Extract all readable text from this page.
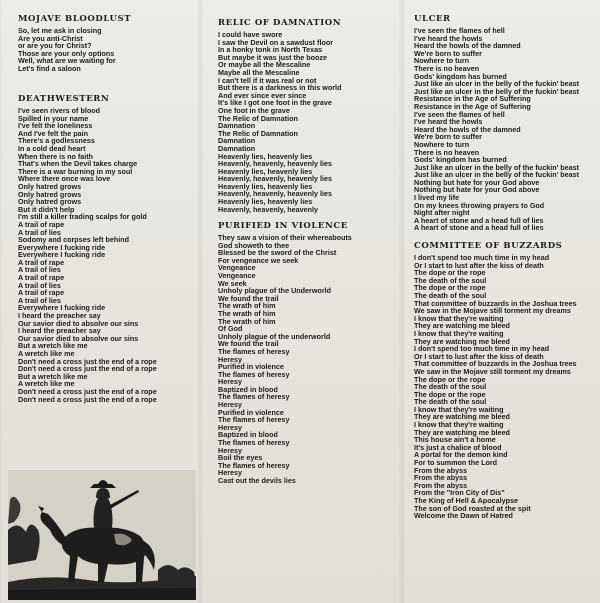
MOJAVE BLOODLUST
So, let me ask in closing
Are you anti-Christ
or are you for Christ?
Those are your only options
Well, what are we waiting for
Let's find a saloon
DEATHWESTERN
I've seen rivers of blood
Spilled in your name
I've felt the loneliness
And I've felt the pain
There's a godlessness
In a cold dead heart
When there is no faith
That's when the Devil takes charge
There is a war burning in my soul
Where there once was love
Only hatred grows
Only hatred grows
Only hatred grows
But it didn't help
I'm still a killer trading scalps for gold
A trail of rape
A trail of lies
Sodomy and corpses left behind
Everywhere I fucking ride
Everywhere I fucking ride
A trail of rape
A trail of lies
A trail of rape
A trail of lies
A trail of rape
A trail of lies
Everywhere I fucking ride
I heard the preacher say
Our savior died to absolve our sins
I heard the preacher say
Our savior died to absolve our sins
But a wretch like me
A wretch like me
Don't need a cross just the end of a rope
Don't need a cross just the end of a rope
But a wretch like me
A wretch like me
Don't need a cross just the end of a rope
Don't need a cross just the end of a rope
RELIC OF DAMNATION
I could have swore
I saw the Devil on a sawdust floor
In a honky tonk in North Texas
But maybe it was just the booze
Or maybe all the Mescaline
Maybe all the Mescaline
I can't tell if it was real or not
But there is a darkness in this world
And ever since ever since
It's like I got one foot in the grave
One foot in the grave
The Relic of Damnation
Damnation
The Relic of Damnation
Damnation
Damnation
Heavenly lies, heavenly lies
Heavenly, heavenly, heavenly lies
Heavenly lies, heavenly lies
Heavenly, heavenly, heavenly lies
Heavenly lies, heavenly lies
Heavenly, heavenly, heavenly lies
Heavenly lies, heavenly lies
Heavenly, heavenly, heavenly
PURIFIED IN VIOLENCE
They saw a vision of their whereabouts
God showeth to thee
Blessed be the sword of the Christ
For vengeance we seek
Vengeance
Vengeance
We seek
Unholy plague of the Underworld
We found the trail
The wrath of him
The wrath of him
The wrath of him
Of God
Unholy plague of the underworld
We found the trail
The flames of heresy
Heresy
Purified in violence
The flames of heresy
Heresy
Baptized in blood
The flames of heresy
Heresy
Purified in violence
The flames of heresy
Heresy
Baptized in blood
The flames of heresy
Heresy
Boil the eyes
The flames of heresy
Heresy
Cast out the devils lies
ULCER
I've seen the flames of hell
I've heard the howls
Heard the howls of the damned
We're born to suffer
Nowhere to turn
There is no heaven
Gods' kingdom has burned
Just like an ulcer in the belly of the fuckin' beast
Just like an ulcer in the belly of the fuckin' beast
Resistance in the Age of Suffering
Resistance in the Age of Suffering
I've seen the flames of hell
I've heard the howls
Heard the howls of the damned
We're born to suffer
Nowhere to turn
There is no heaven
Gods' kingdom has burned
Just like an ulcer in the belly of the fuckin' beast
Just like an ulcer in the belly of the fuckin' beast
Nothing but hate for your God above
Nothing but hate for your God above
I lived my life
On my knees throwing prayers to God
Night after night
A heart of stone and a head full of lies
A heart of stone and a head full of lies
COMMITTEE OF BUZZARDS
I don't spend too much time in my head
Or I start to lust after the kiss of death
The dope or the rope
The death of the soul
The dope or the rope
The death of the soul
That committee of buzzards in the Joshua trees
We saw in the Mojave still torment my dreams
I know that they're waiting
They are watching me bleed
I know that they're waiting
They are watching me bleed
I don't spend too much time in my head
Or I start to lust after the kiss of death
That committee of buzzards in the Joshua trees
We saw in the Mojave still torment my dreams
The dope or the rope
The death of the soul
The dope or the rope
The death of the soul
I know that they're waiting
They are watching me bleed
I know that they're waiting
They are watching me bleed
This house ain't a home
It's just a chalice of blood
A portal for the demon kind
For to summon the Lord
From the abyss
From the abyss
From the abyss
From the "Iron City of Dis"
The King of Hell & Apocalypse
The son of God roasted at the spit
Welcome the Dawn of Hatred
